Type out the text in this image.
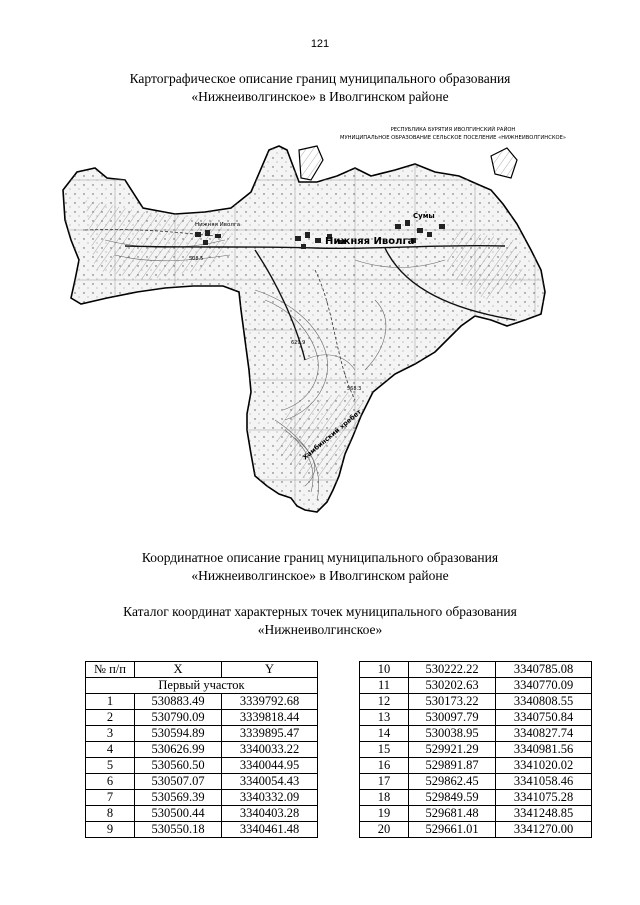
121
Картографическое описание границ муниципального образования
«Нижнеиволгинское» в Иволгинском районе
РЕСПУБЛИКА БУРЯТИЯ ИВОЛГИНСКИЙ РАЙОН
МУНИЦИПАЛЬНОЕ ОБРАЗОВАНИЕ СЕЛЬСКОЕ ПОСЕЛЕНИЕ «НИЖНЕИВОЛГИНСКОЕ»
Нижняя Иволга
Нижняя Иволга
Сумы
Хамбинский хребет
508.5
629.9
568.3
Координатное описание границ муниципального образования
«Нижнеиволгинское» в Иволгинском районе
Каталог координат характерных точек муниципального образования
«Нижнеиволгинское»
№ п/п	X	Y
Первый участок		
1	530883.49	3339792.68
2	530790.09	3339818.44
3	530594.89	3339895.47
4	530626.99	3340033.22
5	530560.50	3340044.95
6	530507.07	3340054.43
7	530569.39	3340332.09
8	530500.44	3340403.28
9	530550.18	3340461.48
10	530222.22	3340785.08
11	530202.63	3340770.09
12	530173.22	3340808.55
13	530097.79	3340750.84
14	530038.95	3340827.74
15	529921.29	3340981.56
16	529891.87	3341020.02
17	529862.45	3341058.46
18	529849.59	3341075.28
19	529681.48	3341248.85
20	529661.01	3341270.00
